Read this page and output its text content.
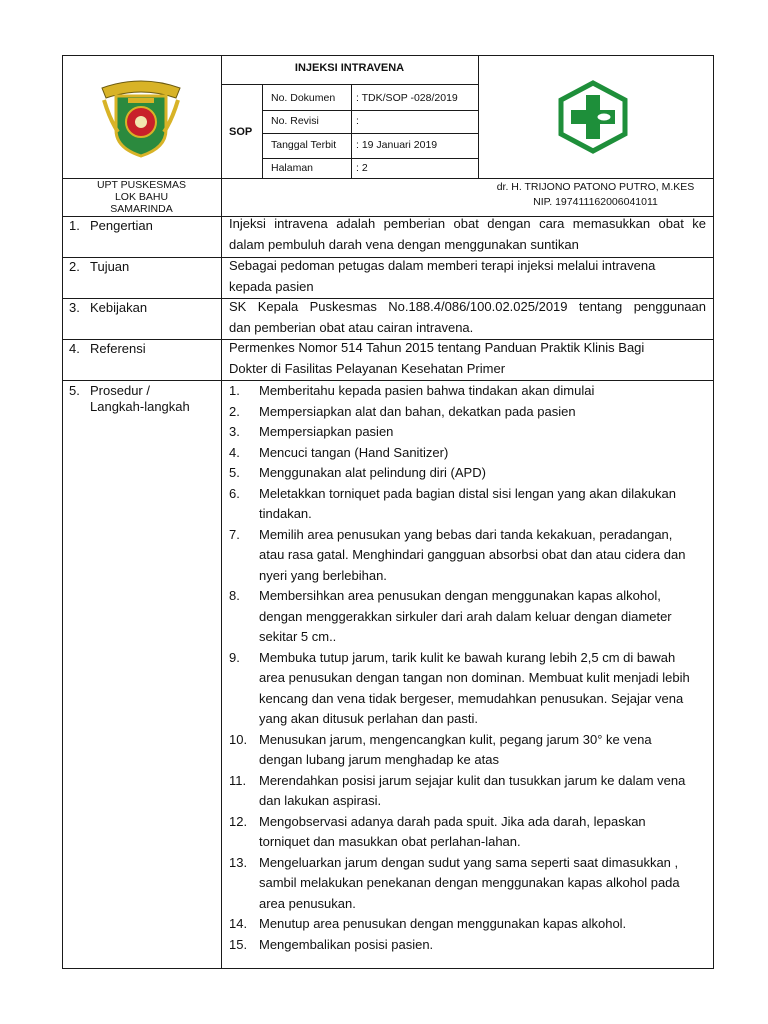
INJEKSI INTRAVENA
SOP
No. Dokumen : TDK/SOP -028/2019
No. Revisi	:
Tanggal Terbit : 19 Januari 2019
Halaman	: 2
UPT PUSKESMAS
LOK BAHU
SAMARINDA
dr. H. TRIJONO PATONO PUTRO, M.KES
NIP. 197411162006041011
1. Pengertian	Injeksi intravena adalah pemberian obat dengan cara memasukkan obat ke
dalam pembuluh darah vena dengan menggunakan suntikan
2. Tujuan	Sebagai pedoman petugas dalam memberi terapi injeksi melalui intravena
kepada pasien
3. Kebijakan	SK Kepala Puskesmas No.188.4/086/100.02.025/2019 tentang penggunaan
dan pemberian obat atau cairan intravena.
4. Referensi	Permenkes Nomor 514 Tahun 2015 tentang Panduan Praktik Klinis Bagi
Dokter di Fasilitas Pelayanan Kesehatan Primer
5. Prosedur /
Langkah-langkah
1. Memberitahu kepada pasien bahwa tindakan akan dimulai
2. Mempersiapkan alat dan bahan, dekatkan pada pasien
3. Mempersiapkan pasien
4. Mencuci tangan (Hand Sanitizer)
5. Menggunakan alat pelindung diri (APD)
6. Meletakkan torniquet pada bagian distal sisi lengan yang akan dilakukan
tindakan.
7. Memilih area penusukan yang bebas dari tanda kekakuan, peradangan,
atau rasa gatal. Menghindari gangguan absorbsi obat dan atau cidera dan
nyeri yang berlebihan.
8. Membersihkan area penusukan dengan menggunakan kapas alkohol,
dengan menggerakkan sirkuler dari arah dalam keluar dengan diameter
sekitar 5 cm..
9. Membuka tutup jarum, tarik kulit ke bawah kurang lebih 2,5 cm di bawah
area penusukan dengan tangan non dominan. Membuat kulit menjadi lebih
kencang dan vena tidak bergeser, memudahkan penusukan. Sejajar vena
yang akan ditusuk perlahan dan pasti.
10. Menusukan jarum, mengencangkan kulit, pegang jarum 30° ke vena
dengan lubang jarum menghadap ke atas
11. Merendahkan posisi jarum sejajar kulit dan tusukkan jarum ke dalam vena
dan lakukan aspirasi.
12. Mengobservasi adanya darah pada spuit. Jika ada darah, lepaskan
torniquet dan masukkan obat perlahan-lahan.
13. Mengeluarkan jarum dengan sudut yang sama seperti saat dimasukkan ,
sambil melakukan penekanan dengan menggunakan kapas alkohol pada
area penusukan.
14. Menutup area penusukan dengan menggunakan kapas alkohol.
15. Mengembalikan posisi pasien.
